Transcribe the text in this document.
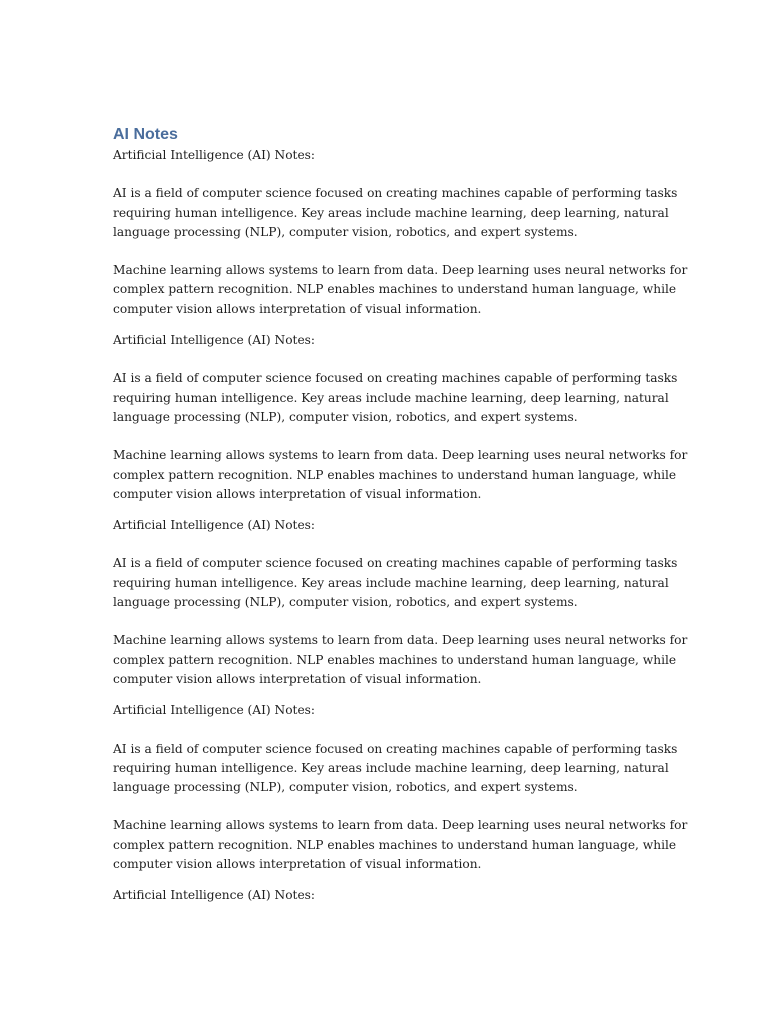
AI Notes

Artificial Intelligence (AI) Notes:

AI is a field of computer science focused on creating machines capable of performing tasks
requiring human intelligence. Key areas include machine learning, deep learning, natural
language processing (NLP), computer vision, robotics, and expert systems.

Machine learning allows systems to learn from data. Deep learning uses neural networks for
complex pattern recognition. NLP enables machines to understand human language, while
computer vision allows interpretation of visual information.

Artificial Intelligence (AI) Notes:

AI is a field of computer science focused on creating machines capable of performing tasks
requiring human intelligence. Key areas include machine learning, deep learning, natural
language processing (NLP), computer vision, robotics, and expert systems.

Machine learning allows systems to learn from data. Deep learning uses neural networks for
complex pattern recognition. NLP enables machines to understand human language, while
computer vision allows interpretation of visual information.

Artificial Intelligence (AI) Notes:

AI is a field of computer science focused on creating machines capable of performing tasks
requiring human intelligence. Key areas include machine learning, deep learning, natural
language processing (NLP), computer vision, robotics, and expert systems.

Machine learning allows systems to learn from data. Deep learning uses neural networks for
complex pattern recognition. NLP enables machines to understand human language, while
computer vision allows interpretation of visual information.

Artificial Intelligence (AI) Notes:

AI is a field of computer science focused on creating machines capable of performing tasks
requiring human intelligence. Key areas include machine learning, deep learning, natural
language processing (NLP), computer vision, robotics, and expert systems.

Machine learning allows systems to learn from data. Deep learning uses neural networks for
complex pattern recognition. NLP enables machines to understand human language, while
computer vision allows interpretation of visual information.

Artificial Intelligence (AI) Notes:
